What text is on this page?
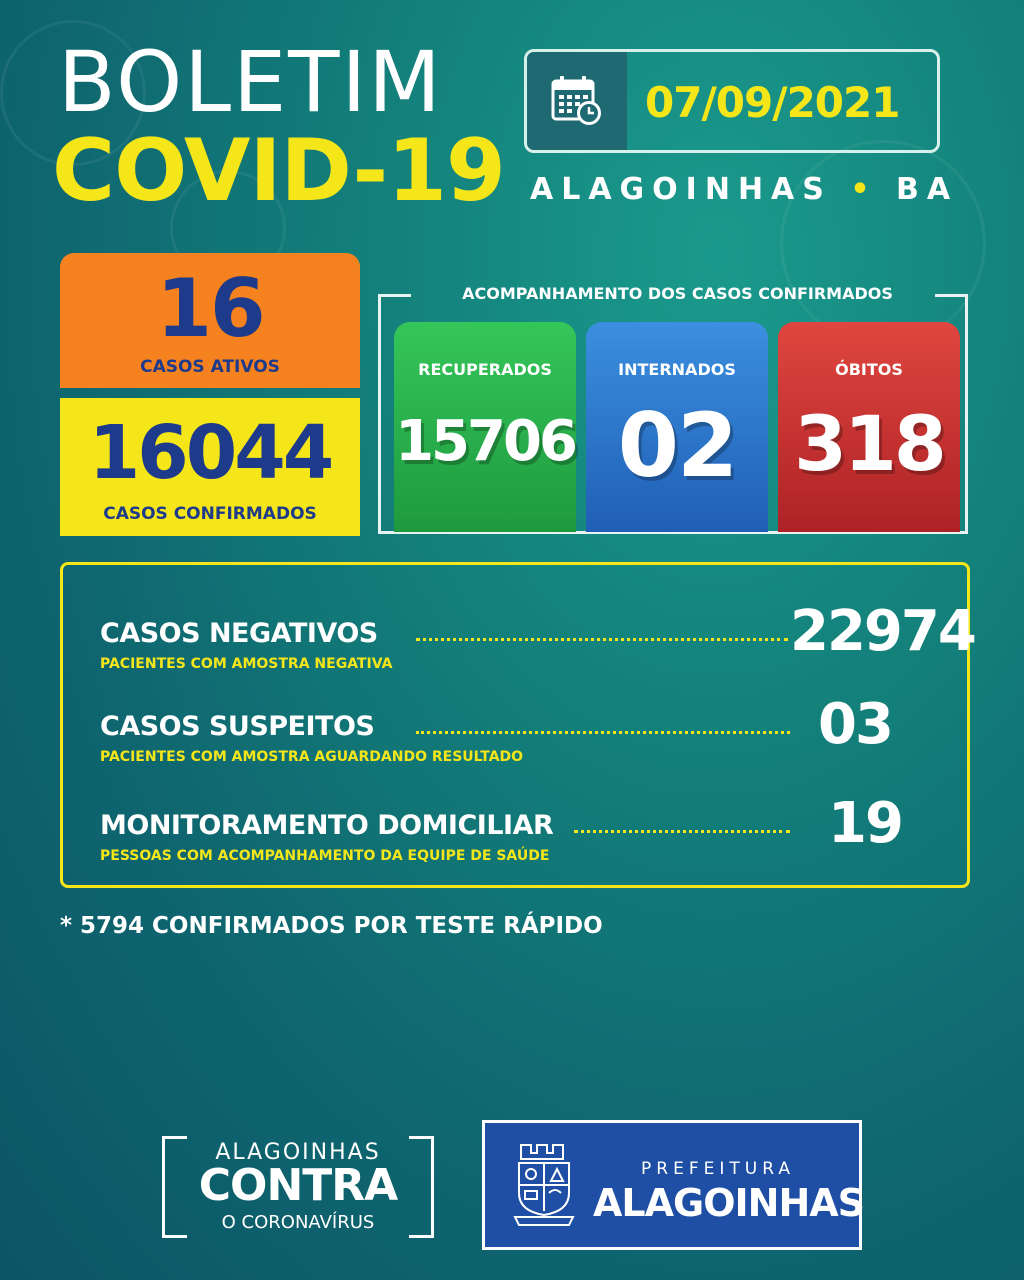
BOLETIM
COVID-19
07/09/2021
ALAGOINHAS • BA
16
CASOS ATIVOS
16044
CASOS CONFIRMADOS
ACOMPANHAMENTO DOS CASOS CONFIRMADOS
RECUPERADOS
15706
INTERNADOS
02
ÓBITOS
318
CASOS NEGATIVOS	22974
PACIENTES COM AMOSTRA NEGATIVA
CASOS SUSPEITOS	03
PACIENTES COM AMOSTRA AGUARDANDO RESULTADO
MONITORAMENTO DOMICILIAR	19
PESSOAS COM ACOMPANHAMENTO DA EQUIPE DE SAÚDE
* 5794 CONFIRMADOS POR TESTE RÁPIDO
ALAGOINHAS
CONTRA
O CORONAVÍRUS
PREFEITURA
ALAGOINHAS
